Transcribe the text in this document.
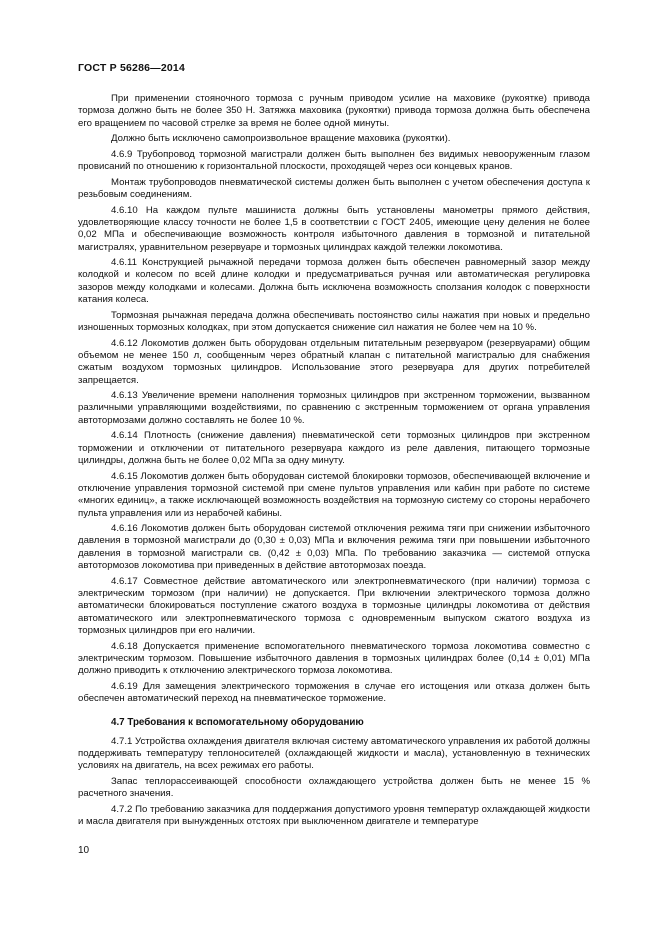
ГОСТ Р 56286—2014

При применении стояночного тормоза с ручным приводом усилие на маховике (рукоятке) привода тормоза должно быть не более 350 Н. Затяжка маховика (рукоятки) привода тормоза должна быть обеспечена его вращением по часовой стрелке за время не более одной минуты.

Должно быть исключено самопроизвольное вращение маховика (рукоятки).

4.6.9 Трубопровод тормозной магистрали должен быть выполнен без видимых невооруженным глазом провисаний по отношению к горизонтальной плоскости, проходящей через оси концевых кранов.

Монтаж трубопроводов пневматической системы должен быть выполнен с учетом обеспечения доступа к резьбовым соединениям.

4.6.10 На каждом пульте машиниста должны быть установлены манометры прямого действия, удовлетворяющие классу точности не более 1,5 в соответствии с ГОСТ 2405, имеющие цену деления не более 0,02 МПа и обеспечивающие возможность контроля избыточного давления в тормозной и питательной магистралях, уравнительном резервуаре и тормозных цилиндрах каждой тележки локомотива.

4.6.11 Конструкцией рычажной передачи тормоза должен быть обеспечен равномерный зазор между колодкой и колесом по всей длине колодки и предусматриваться ручная или автоматическая регулировка зазоров между колодками и колесами. Должна быть исключена возможность сползания колодок с поверхности катания колеса.

Тормозная рычажная передача должна обеспечивать постоянство силы нажатия при новых и предельно изношенных тормозных колодках, при этом допускается снижение сил нажатия не более чем на 10 %.

4.6.12 Локомотив должен быть оборудован отдельным питательным резервуаром (резервуарами) общим объемом не менее 150 л, сообщенным через обратный клапан с питательной магистралью для снабжения сжатым воздухом тормозных цилиндров. Использование этого резервуара для других потребителей запрещается.

4.6.13 Увеличение времени наполнения тормозных цилиндров при экстренном торможении, вызванном различными управляющими воздействиями, по сравнению с экстренным торможением от органа управления автотормозами должно составлять не более 10 %.

4.6.14 Плотность (снижение давления) пневматической сети тормозных цилиндров при экстренном торможении и отключении от питательного резервуара каждого из реле давления, питающего тормозные цилиндры, должна быть не более 0,02 МПа за одну минуту.

4.6.15 Локомотив должен быть оборудован системой блокировки тормозов, обеспечивающей включение и отключение управления тормозной системой при смене пультов управления или кабин при работе по системе «многих единиц», а также исключающей возможность воздействия на тормозную систему со стороны нерабочего пульта управления или из нерабочей кабины.

4.6.16 Локомотив должен быть оборудован системой отключения режима тяги при снижении избыточного давления в тормозной магистрали до (0,30 ± 0,03) МПа и включения режима тяги при повышении избыточного давления в тормозной магистрали св. (0,42 ± 0,03) МПа. По требованию заказчика — системой отпуска автотормозов локомотива при приведенных в действие автотормозах поезда.

4.6.17 Совместное действие автоматического или электропневматического (при наличии) тормоза с электрическим тормозом (при наличии) не допускается. При включении электрического тормоза должно автоматически блокироваться поступление сжатого воздуха в тормозные цилиндры локомотива от действия автоматического или электропневматического тормоза с одновременным выпуском сжатого воздуха из тормозных цилиндров при его наличии.

4.6.18 Допускается применение вспомогательного пневматического тормоза локомотива совместно с электрическим тормозом. Повышение избыточного давления в тормозных цилиндрах более (0,14 ± 0,01) МПа должно приводить к отключению электрического тормоза локомотива.

4.6.19 Для замещения электрического торможения в случае его истощения или отказа должен быть обеспечен автоматический переход на пневматическое торможение.

4.7 Требования к вспомогательному оборудованию

4.7.1 Устройства охлаждения двигателя включая систему автоматического управления их работой должны поддерживать температуру теплоносителей (охлаждающей жидкости и масла), установленную в технических условиях на двигатель, на всех режимах его работы.

Запас теплорассеивающей способности охлаждающего устройства должен быть не менее 15 % расчетного значения.

4.7.2 По требованию заказчика для поддержания допустимого уровня температур охлаждающей жидкости и масла двигателя при вынужденных отстоях при выключенном двигателе и температуре

10
